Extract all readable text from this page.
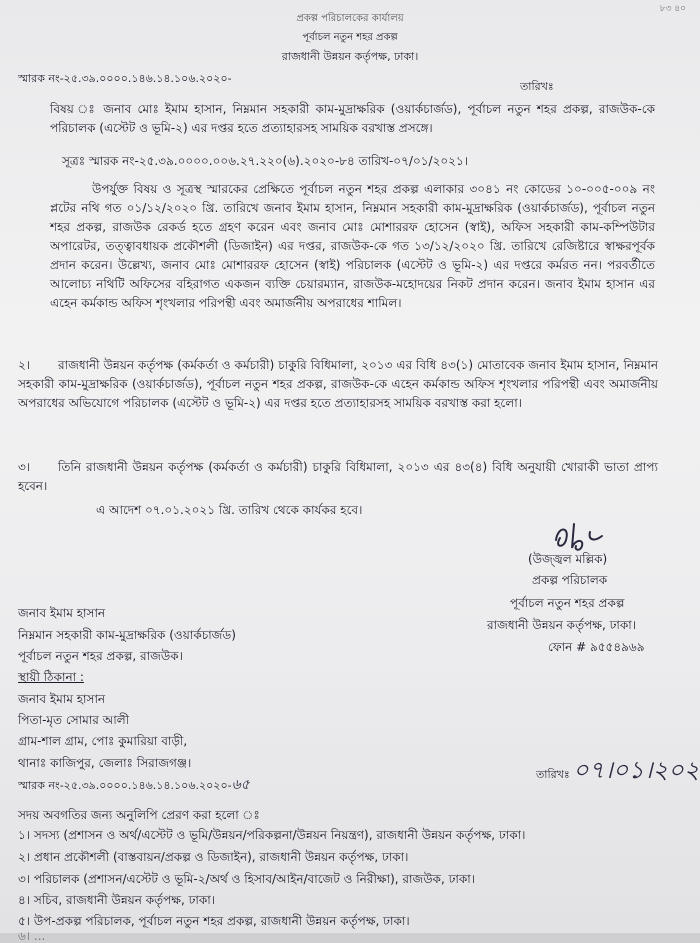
৮৩ ৪০
প্রকল্প পরিচালকের কার্যালয়
পূর্বাচল নতুন শহর প্রকল্প
রাজধানী উন্নয়ন কর্তৃপক্ষ, ঢাকা।
স্মারক নং-২৫.৩৯.০০০০.১৪৬.১৪.১০৬.২০২০-
তারিখঃ
বিষয় ঃ জনাব মোঃ ইমাম হাসান, নিম্নমান সহকারী কাম-মুদ্রাক্ষরিক (ওয়ার্কচার্জড), পূর্বাচল নতুন শহর প্রকল্প, রাজউক-কে পরিচালক (এস্টেট ও ভূমি-২) এর দপ্তর হতে প্রত্যাহারসহ সাময়িক বরখাস্ত প্রসঙ্গে।
সূত্রঃ স্মারক নং-২৫.৩৯.০০০০.০০৬.২৭.২২০(৬).২০২০-৮৪ তারিখ-০৭/০১/২০২১।
উপর্যুক্ত বিষয় ও সূত্রস্থ স্মারকের প্রেক্ষিতে পূর্বাচল নতুন শহর প্রকল্প এলাকার ৩০৪১ নং কোডের ১০-০০৫-০০৯ নং প্লটের নথি গত ০১/১২/২০২০ খ্রি. তারিখে জনাব ইমাম হাসান, নিম্নমান সহকারী কাম-মুদ্রাক্ষরিক (ওয়ার্কচার্জড), পূর্বাচল নতুন শহর প্রকল্প, রাজউক রেকর্ড হতে গ্রহণ করেন এবং জনাব মোঃ মোশাররফ হোসেন (স্বাই), অফিস সহকারী কাম-কম্পিউটার অপারেটর, তত্ত্বাবধায়ক প্রকৌশলী (ডিজাইন) এর দপ্তর, রাজউক-কে গত ১৩/১২/২০২০ খ্রি. তারিখে রেজিষ্টারে স্বাক্ষরপূর্বক প্রদান করেন। উল্লেখ্য, জনাব মোঃ মোশাররফ হোসেন (স্বাই) পরিচালক (এস্টেট ও ভূমি-২) এর দপ্তরে কর্মরত নন। পরবর্তীতে আলোচ্য নথিটি অফিসের বহিরাগত একজন ব্যক্তি চেয়ারম্যান, রাজউক-মহোদয়ের নিকট প্রদান করেন। জনাব ইমাম হাসান এর এহেন কর্মকান্ড অফিস শৃংখলার পরিপন্থী এবং অমার্জনীয় অপরাধের শামিল।
২। রাজধানী উন্নয়ন কর্তৃপক্ষ (কর্মকর্তা ও কর্মচারী) চাকুরি বিধিমালা, ২০১৩ এর বিধি ৪৩(১) মোতাবেক জনাব ইমাম হাসান, নিম্নমান সহকারী কাম-মুদ্রাক্ষরিক (ওয়ার্কচার্জড), পূর্বাচল নতুন শহর প্রকল্প, রাজউক-কে এহেন কর্মকান্ড অফিস শৃংখলার পরিপন্থী এবং অমার্জনীয় অপরাধের অভিযোগে পরিচালক (এস্টেট ও ভূমি-২) এর দপ্তর হতে প্রত্যাহারসহ সাময়িক বরখাস্ত করা হলো।
৩। তিনি রাজধানী উন্নয়ন কর্তৃপক্ষ (কর্মকর্তা ও কর্মচারী) চাকুরি বিধিমালা, ২০১৩ এর ৪৩(৪) বিধি অনুযায়ী খোরাকী ভাতা প্রাপ্য হবেন।
এ আদেশ ০৭.০১.২০২১ খ্রি. তারিখ থেকে কার্যকর হবে।
(উজ্জ্বল মল্লিক)
প্রকল্প পরিচালক
পূর্বাচল নতুন শহর প্রকল্প
রাজধানী উন্নয়ন কর্তৃপক্ষ, ঢাকা।
ফোন # ৯৫৫৪৯৬৯
জনাব ইমাম হাসান
নিম্নমান সহকারী কাম-মুদ্রাক্ষরিক (ওয়ার্কচার্জড)
পূর্বাচল নতুন শহর প্রকল্প, রাজউক।
স্থায়ী ঠিকানা :
জনাব ইমাম হাসান
পিতা-মৃত সোমার আলী
গ্রাম-শাল গ্রাম, পোঃ কুমারিয়া বাড়ী,
থানাঃ কাজিপুর, জেলাঃ সিরাজগঞ্জ।
স্মারক নং-২৫.৩৯.০০০০.১৪৬.১৪.১০৬.২০২০-৬৫
তারিখঃ ০৭।০১।২০২
সদয় অবগতির জন্য অনুলিপি প্রেরণ করা হলো ঃ
১। সদস্য (প্রশাসন ও অর্থ/এস্টেট ও ভূমি/উন্নয়ন/পরিকল্পনা/উন্নয়ন নিয়ন্ত্রণ), রাজধানী উন্নয়ন কর্তৃপক্ষ, ঢাকা।
২। প্রধান প্রকৌশলী (বাস্তবায়ন/প্রকল্প ও ডিজাইন), রাজধানী উন্নয়ন কর্তৃপক্ষ, ঢাকা।
৩। পরিচালক (প্রশাসন/এস্টেট ও ভূমি-২/অর্থ ও হিসাব/আইন/বাজেট ও নিরীক্ষা), রাজউক, ঢাকা।
৪। সচিব, রাজধানী উন্নয়ন কর্তৃপক্ষ, ঢাকা।
৫। উপ-প্রকল্প পরিচালক, পূর্বাচল নতুন শহর প্রকল্প, রাজধানী উন্নয়ন কর্তৃপক্ষ, ঢাকা।
৬। ...
